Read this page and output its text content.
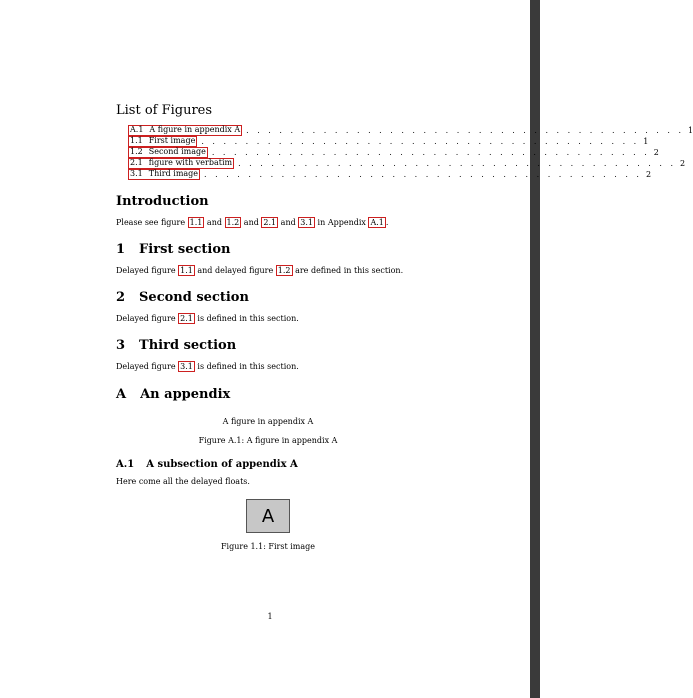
List of Figures
A.1 A figure in appendix A . . . . . . . . . . . . . . . . . . . . . . . . . . . . . . . . . . . . . . . . 1
1.1 First image . . . . . . . . . . . . . . . . . . . . . . . . . . . . . . . . . . . . . . . . 1
1.2 Second image . . . . . . . . . . . . . . . . . . . . . . . . . . . . . . . . . . . . . . . . 2
2.1 figure with verbatim . . . . . . . . . . . . . . . . . . . . . . . . . . . . . . . . . . . . . . . . 2
3.1 Third image . . . . . . . . . . . . . . . . . . . . . . . . . . . . . . . . . . . . . . . . 2
Introduction

Please see figure 1.1 and 1.2 and 2.1 and 3.1 in Appendix A.1 .

1 First section

Delayed figure 1.1 and delayed figure 1.2 are defined in this section.

2 Second section

Delayed figure 2.1 is defined in this section.

3 Third section

Delayed figure 3.1 is defined in this section.

A An appendix
A figure in appendix A
Figure A.1: A figure in appendix A
A.1 A subsection of appendix A

Here come all the delayed floats.

A
Figure 1.1: First image
1
